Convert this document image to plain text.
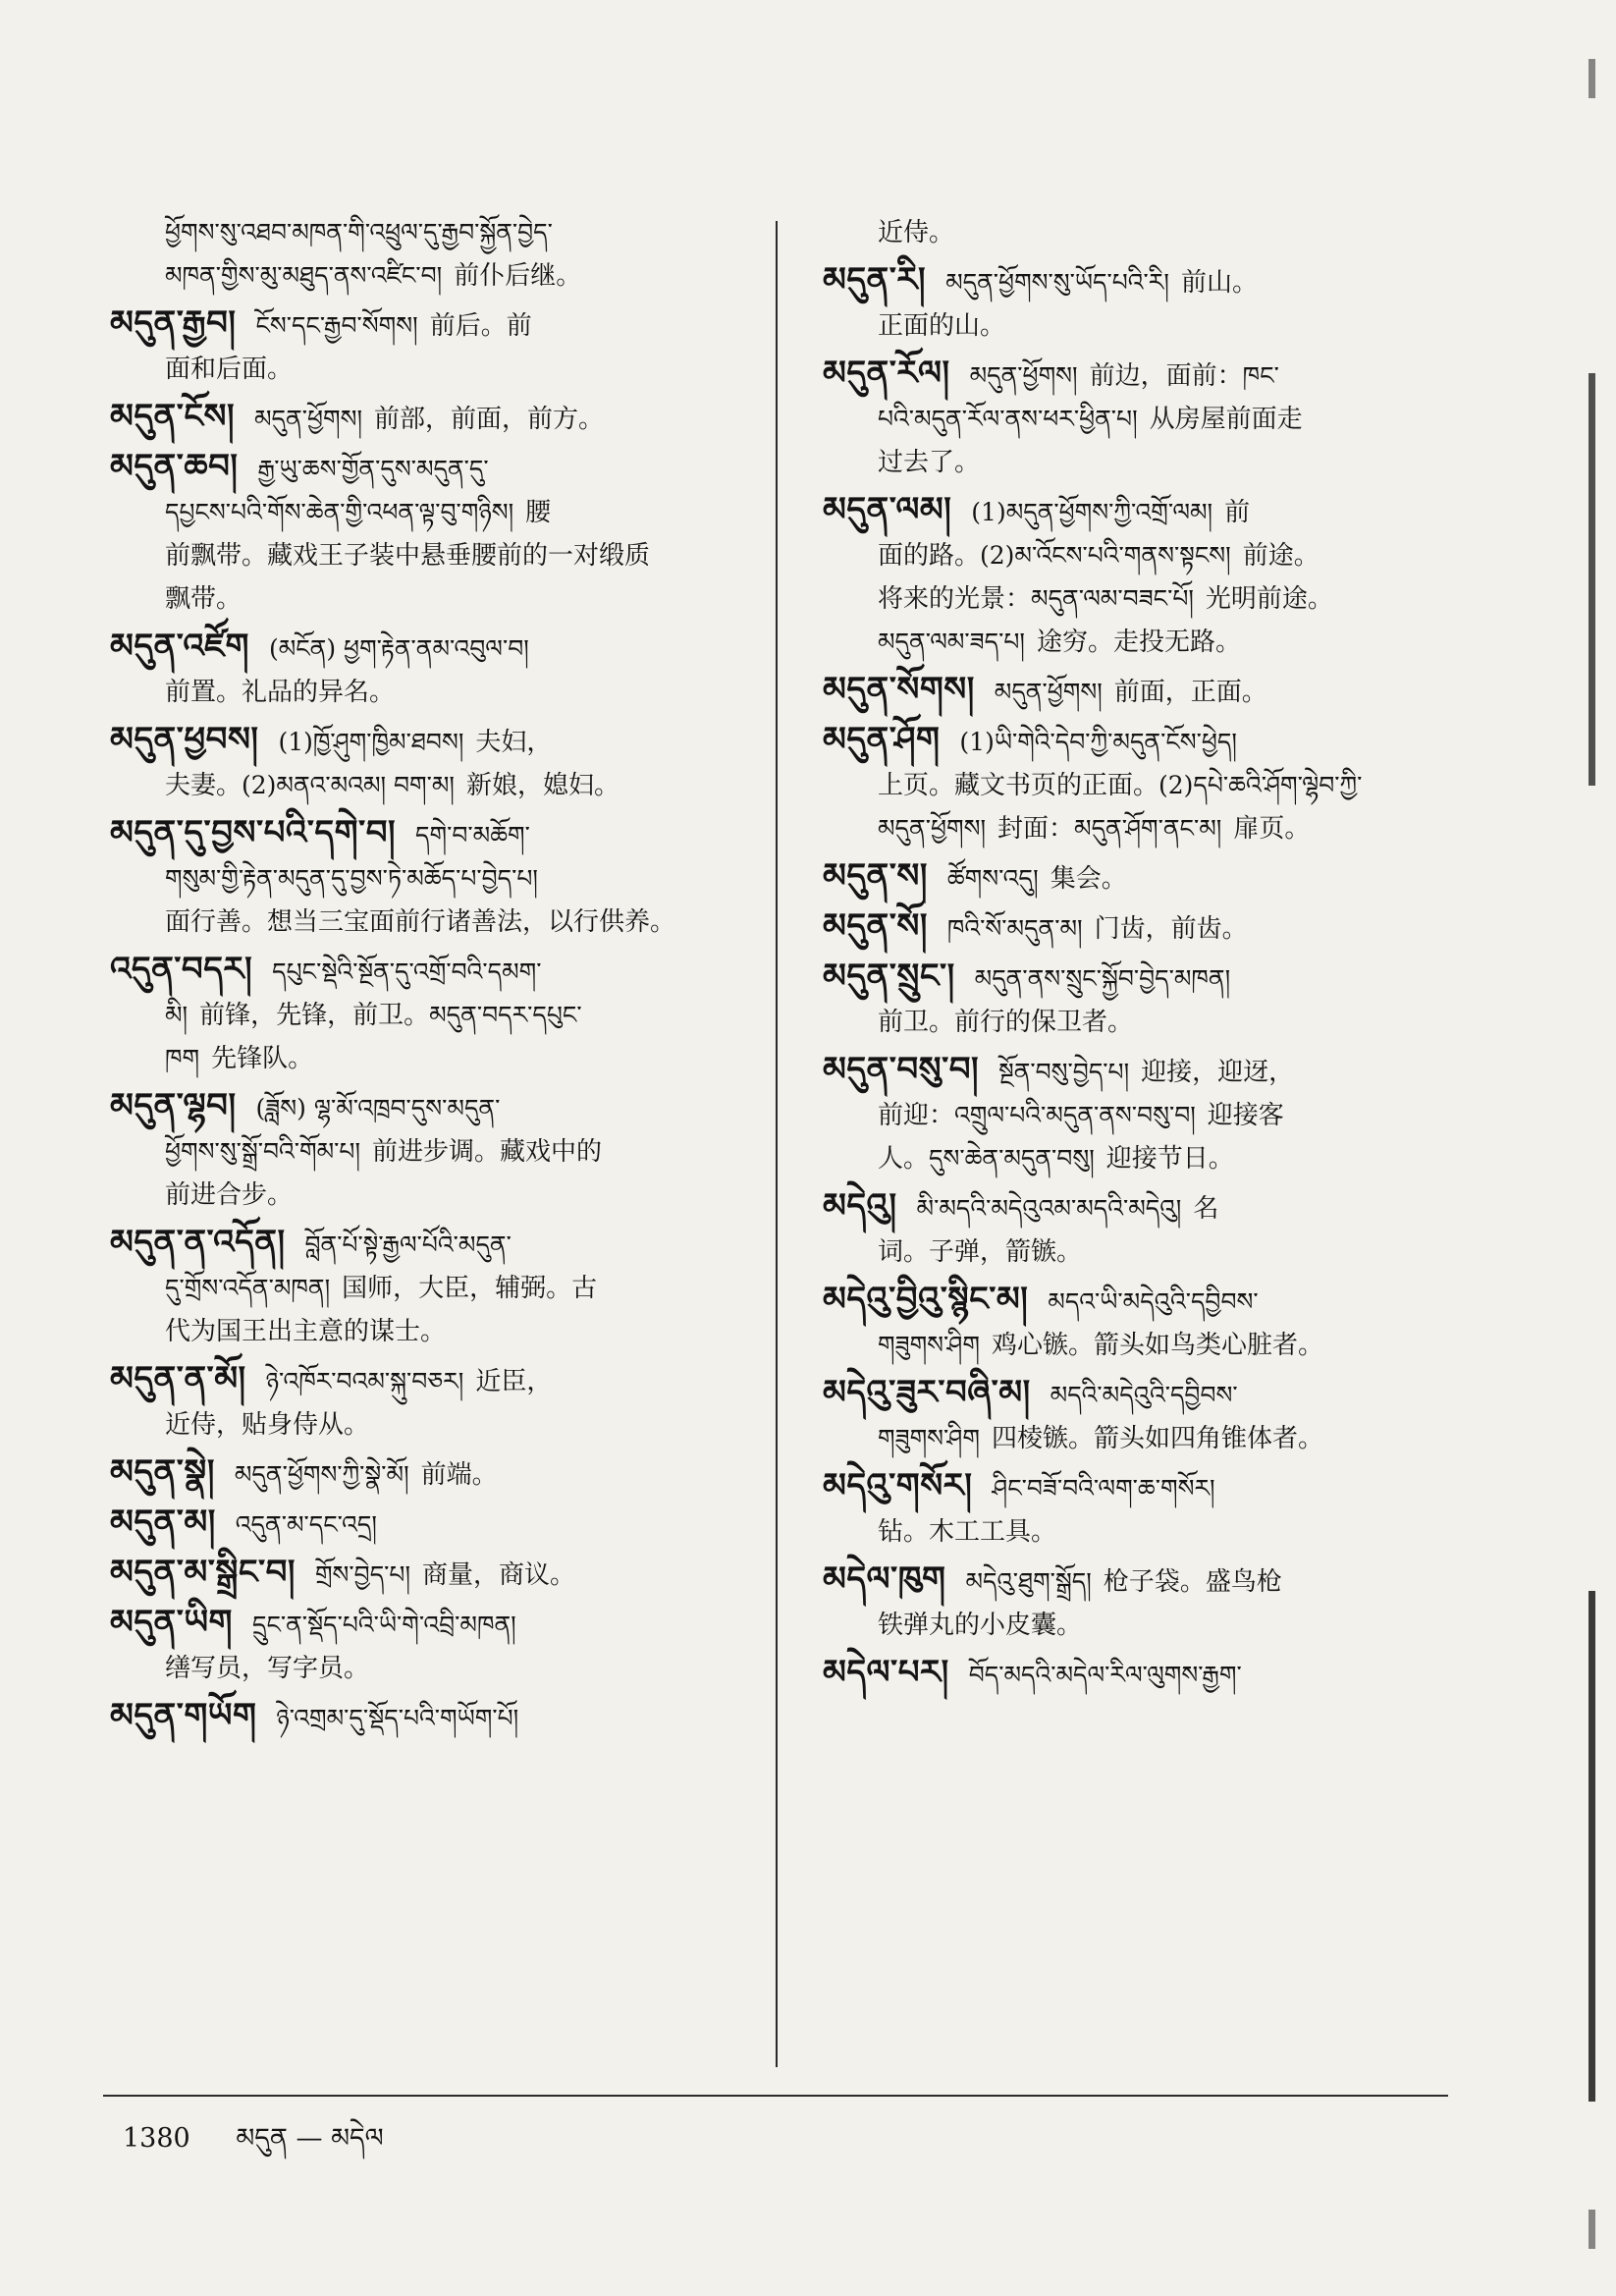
ཕྱོགས་སུ་འཐབ་མཁན་གི་འཕྲུལ་དུ་རྒྱབ་སྐྱོན་བྱེད་
མཁན་གྱིས་མུ་མཐུད་ནས་འཛིང་བ། 前仆后继。
མདུན་རྒྱབ། ངོས་དང་རྒྱབ་སོགས། 前后。前
面和后面。
མདུན་ངོས། མདུན་ཕྱོགས། 前部，前面，前方。
མདུན་ཆབ། རྒྱ་ཡུ་ཆས་གྱོན་དུས་མདུན་དུ་
དཔྱངས་པའི་གོས་ཆེན་གྱི་འཕན་ལྟ་བུ་གཉིས། 腰
前飘带。藏戏王子装中悬垂腰前的一对缎质
飘带。
མདུན་འཛོག (མངོན) ཕྱག་རྟེན་ནམ་འབུལ་བ།
前置。礼品的异名。
མདུན་ཕྱབས། (1)ཁྱོ་ཤུག་ཁྱིམ་ཐབས། 夫妇，
夫妻。(2)མནའ་མའམ། བག་མ། 新娘，媳妇。
མདུན་དུ་བྱས་པའི་དགེ་བ། དགེ་བ་མཆོག་
གསུམ་གྱི་རྟེན་མདུན་དུ་བྱས་ཏེ་མཆོད་པ་བྱེད་པ།
面行善。想当三宝面前行诸善法，以行供养。
འདུན་བདར། དཔུང་སྡེའི་སྔོན་དུ་འགྲོ་བའི་དམག་
མི། 前锋，先锋，前卫。མདུན་བདར་དཔུང་
ཁག 先锋队。
མདུན་ལྷབ། (ཟློས) ལྷ་མོ་འཁྲབ་དུས་མདུན་
ཕྱོགས་སུ་སྒྲོ་བའི་གོམ་པ། 前进步调。藏戏中的
前进合步。
མདུན་ན་འདོན། བློན་པོ་སྟེ་རྒྱལ་པོའི་མདུན་
དུ་གྲོས་འདོན་མཁན། 国师，大臣，辅弼。古
代为国王出主意的谋士。
མདུན་ན་མོ། ཉེ་འཁོར་བའམ་སྐུ་བཅར། 近臣，
近侍，贴身侍从。
མདུན་སྣེ། མདུན་ཕྱོགས་ཀྱི་སྣེ་མོ། 前端。
མདུན་མ། འདུན་མ་དང་འདྲ།
མདུན་མ་སྒྲིང་བ། གྲོས་བྱེད་པ། 商量，商议。
མདུན་ཡིག དྲུང་ན་སྡོད་པའི་ཡི་གེ་འབྲི་མཁན།
缮写员，写字员。
མདུན་གཡོག ཉེ་འགྲམ་དུ་སྡོད་པའི་གཡོག་པོ།
近侍。
མདུན་རི། མདུན་ཕྱོགས་སུ་ཡོད་པའི་རི། 前山。
正面的山。
མདུན་རོལ། མདུན་ཕྱོགས། 前边，面前：ཁང་
པའི་མདུན་རོལ་ནས་ཕར་ཕྱིན་པ། 从房屋前面走
过去了。
མདུན་ལམ། (1)མདུན་ཕྱོགས་ཀྱི་འགྲོ་ལམ། 前
面的路。(2)མ་འོངས་པའི་གནས་སྟངས། 前途。
将来的光景：མདུན་ལམ་བཟང་པོ། 光明前途。
མདུན་ལམ་ཟད་པ། 途穷。走投无路。
མདུན་སོགས། མདུན་ཕྱོགས། 前面，正面。
མདུན་ཤོག (1)ཡི་གེའི་དེབ་ཀྱི་མདུན་ངོས་ཕྱེད།
上页。藏文书页的正面。(2)དཔེ་ཆའི་ཤོག་ལྷེབ་ཀྱི་
མདུན་ཕྱོགས། 封面：མདུན་ཤོག་ནང་མ། 扉页。
མདུན་ས། ཚོགས་འདུ། 集会。
མདུན་སོ། ཁའི་སོ་མདུན་མ། 门齿，前齿。
མདུན་སྲུང་། མདུན་ནས་སྲུང་སྐྱོབ་བྱེད་མཁན།
前卫。前行的保卫者。
མདུན་བསུ་བ། སྔོན་བསུ་བྱེད་པ། 迎接，迎迓，
前迎：འགྲུལ་པའི་མདུན་ནས་བསུ་བ། 迎接客
人。དུས་ཆེན་མདུན་བསུ། 迎接节日。
མདེའུ། མི་མདའི་མདེའུའམ་མདའི་མདེའུ། 名
词。子弹，箭镞。
མདེའུ་བྱིའུ་སྙིང་མ། མདའ་ཡི་མདེའུའི་དབྱིབས་
གཟུགས་ཤིག 鸡心镞。箭头如鸟类心脏者。
མདེའུ་ཟུར་བཞི་མ། མདའི་མདེའུའི་དབྱིབས་
གཟུགས་ཤིག 四棱镞。箭头如四角锥体者。
མདེའུ་གསོར། ཤིང་བཟོ་བའི་ལག་ཆ་གསོར།
钻。木工工具。
མདེལ་ཁུག མདེའུ་ཐུག་སྒྲོད། 枪子袋。盛鸟枪
铁弹丸的小皮囊。
མདེལ་པར། བོད་མདའི་མདེལ་རིལ་ལུགས་རྒྱག་
1380 མདུན — མདེལ
